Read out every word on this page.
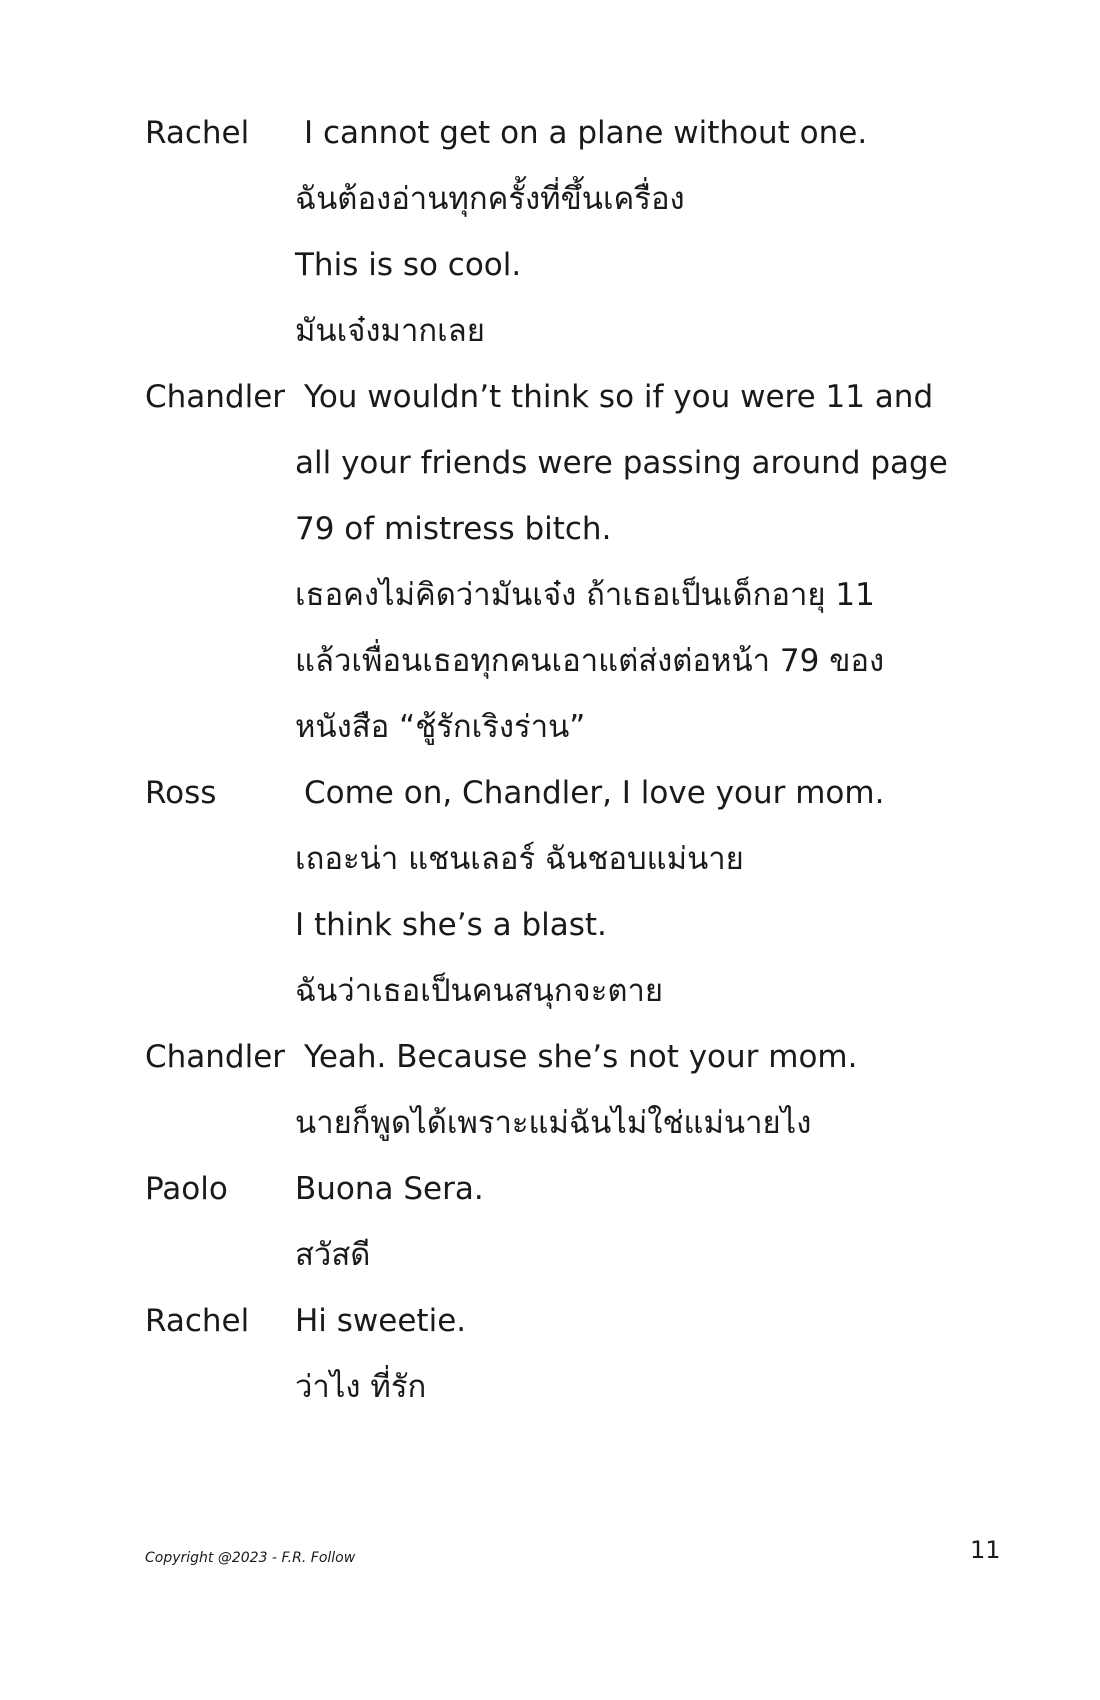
Rachel	I cannot get on a plane without one.
ฉันต้องอ่านทุกครั้งที่ขึ้นเครื่อง
This is so cool.
มันเจ๋งมากเลย
Chandler You wouldn’t think so if you were 11 and
all your friends were passing around page
79 of mistress bitch.
เธอคงไม่คิดว่ามันเจ๋ง ถ้าเธอเป็นเด็กอายุ 11
แล้วเพื่อนเธอทุกคนเอาแต่ส่งต่อหน้า 79 ของ
หนังสือ “ชู้รักเริงร่าน”
Ross	Come on, Chandler, I love your mom.
เถอะน่า แชนเลอร์ ฉันชอบแม่นาย
I think she’s a blast.
ฉันว่าเธอเป็นคนสนุกจะตาย
Chandler Yeah. Because she’s not your mom.
นายก็พูดได้เพราะแม่ฉันไม่ใช่แม่นายไง
Paolo	Buona Sera.
สวัสดี
Rachel	Hi sweetie.
ว่าไง ที่รัก
Copyright @2023 - F.R. Follow	11
